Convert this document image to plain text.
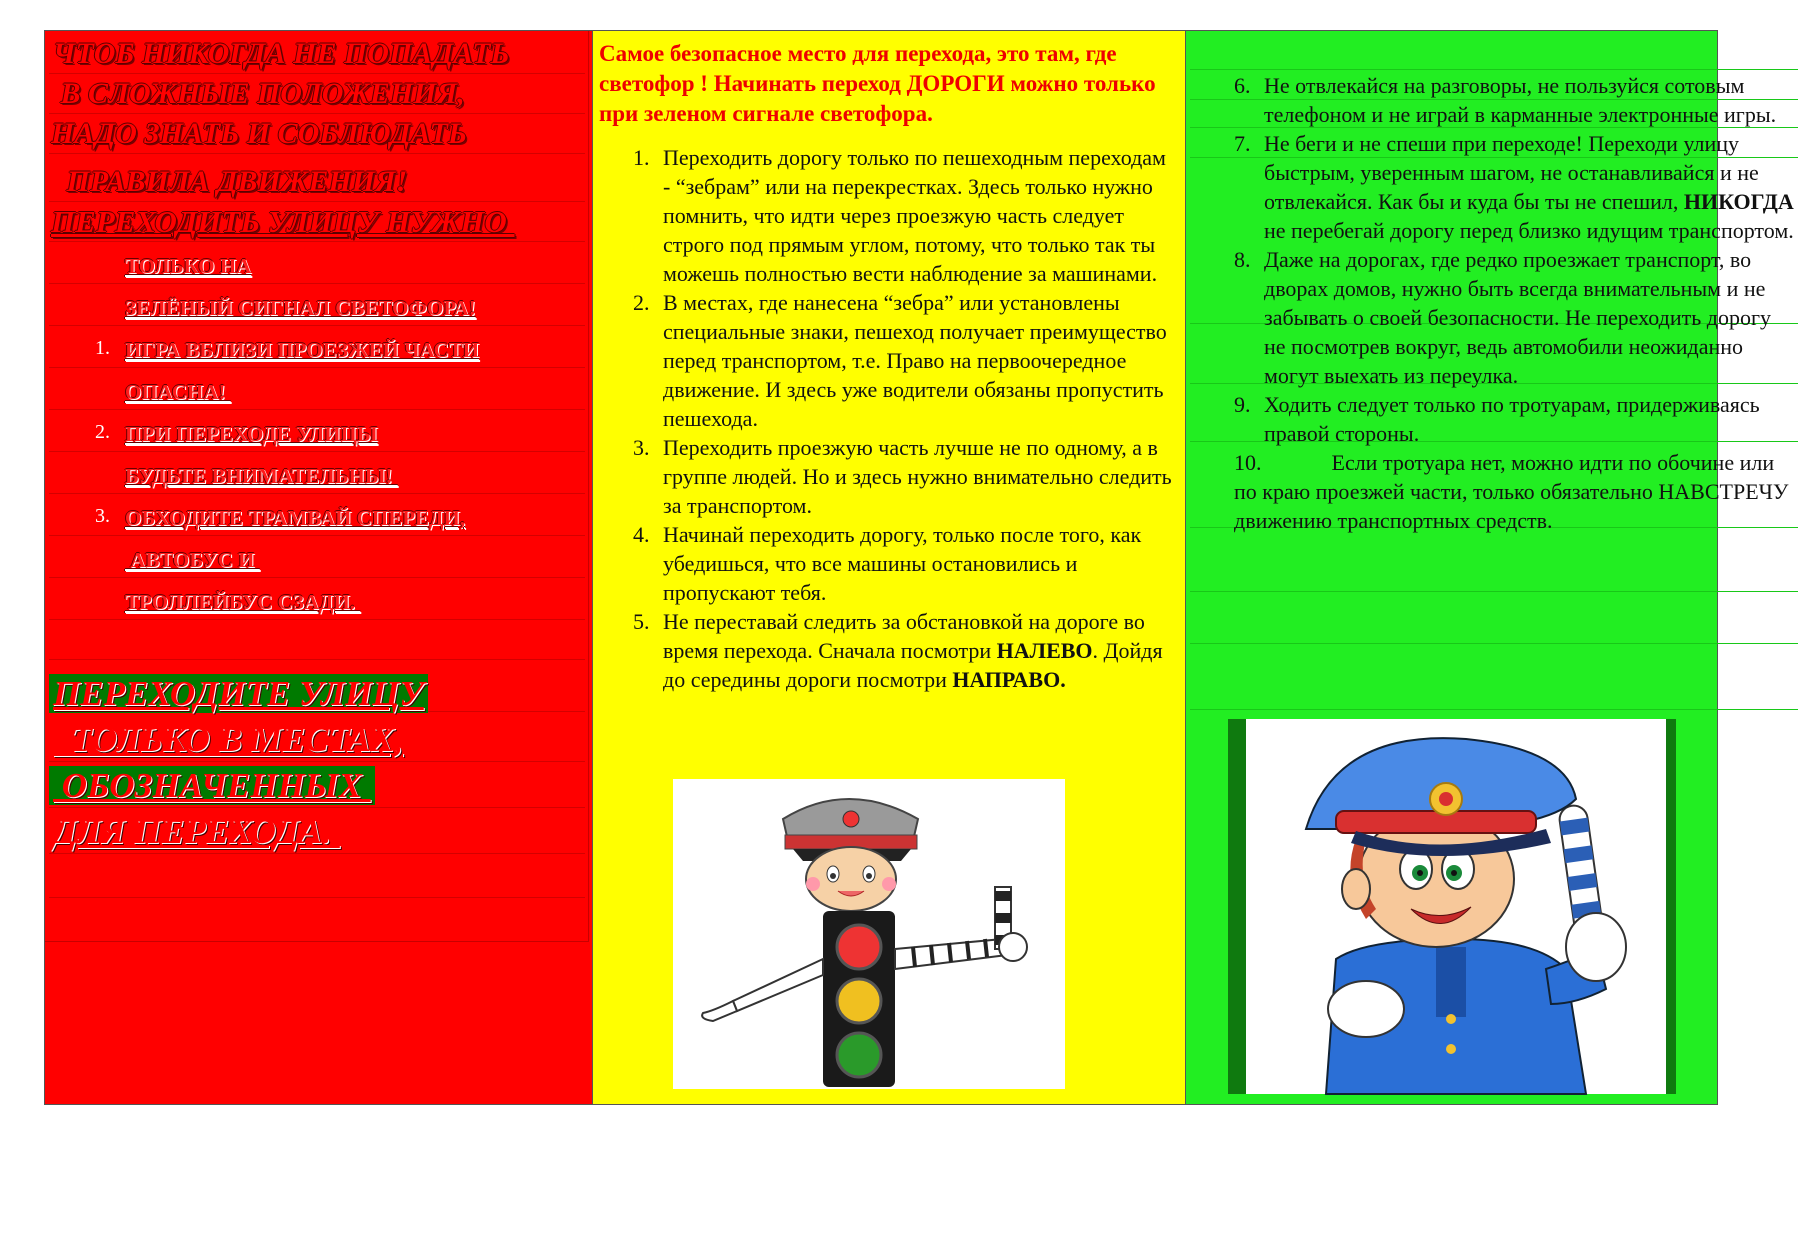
ЧТОБ НИКОГДА НЕ ПОПАДАТЬ
В СЛОЖНЫЕ ПОЛОЖЕНИЯ,
НАДО ЗНАТЬ И СОБЛЮДАТЬ
ПРАВИЛА ДВИЖЕНИЯ!
ПЕРЕХОДИТЬ УЛИЦУ НУЖНО
ТОЛЬКО НА
ЗЕЛЁНЫЙ СИГНАЛ СВЕТОФОРА!
1. ИГРА ВБЛИЗИ ПРОЕЗЖЕЙ ЧАСТИ
ОПАСНА!
2. ПРИ ПЕРЕХОДЕ УЛИЦЫ
БУДЬТЕ ВНИМАТЕЛЬНЫ!
3. ОБХОДИТЕ ТРАМВАЙ СПЕРЕДИ,
АВТОБУС И
ТРОЛЛЕЙБУС СЗАДИ.
ПЕРЕХОДИТЕ УЛИЦУ
ТОЛЬКО В МЕСТАХ,
ОБОЗНАЧЕННЫХ
ДЛЯ ПЕРЕХОДА.
Самое безопасное место для перехода, это там, где светофор ! Начинать переход ДОРОГИ можно только при зеленом сигнале светофора.
1. Переходить дорогу только по пешеходным переходам - “зебрам” или на перекрестках. Здесь только нужно помнить, что идти через проезжую часть следует строго под прямым углом, потому, что только так ты можешь полностью вести наблюдение за машинами.
2. В местах, где нанесена “зебра” или установлены специальные знаки, пешеход получает преимущество перед транспортом, т.е. Право на первоочередное движение. И здесь уже водители обязаны пропустить пешехода.
3. Переходить проезжую часть лучше не по одному, а в группе людей. Но и здесь нужно внимательно следить за транспортом.
4. Начинай переходить дорогу, только после того, как убедишься, что все машины остановились и пропускают тебя.
5. Не переставай следить за обстановкой на дороге во время перехода. Сначала посмотри НАЛЕВО. Дойдя до середины дороги посмотри НАПРАВО.
6. Не отвлекайся на разговоры, не пользуйся сотовым телефоном и не играй в карманные электронные игры.
7. Не беги и не спеши при переходе! Переходи улицу быстрым, уверенным шагом, не останавливайся и не отвлекайся. Как бы и куда бы ты не спешил, НИКОГДА не перебегай дорогу перед близко идущим транспортом.
8. Даже на дорогах, где редко проезжает транспорт, во дворах домов, нужно быть всегда внимательным и не забывать о своей безопасности. Не переходить дорогу не посмотрев вокруг, ведь автомобили неожиданно могут выехать из переулка.
9. Ходить следует только по тротуарам, придерживаясь правой стороны.
10.	Если тротуара нет, можно идти по обочине или по краю проезжей части, только обязательно НАВСТРЕЧУ движению транспортных средств.
